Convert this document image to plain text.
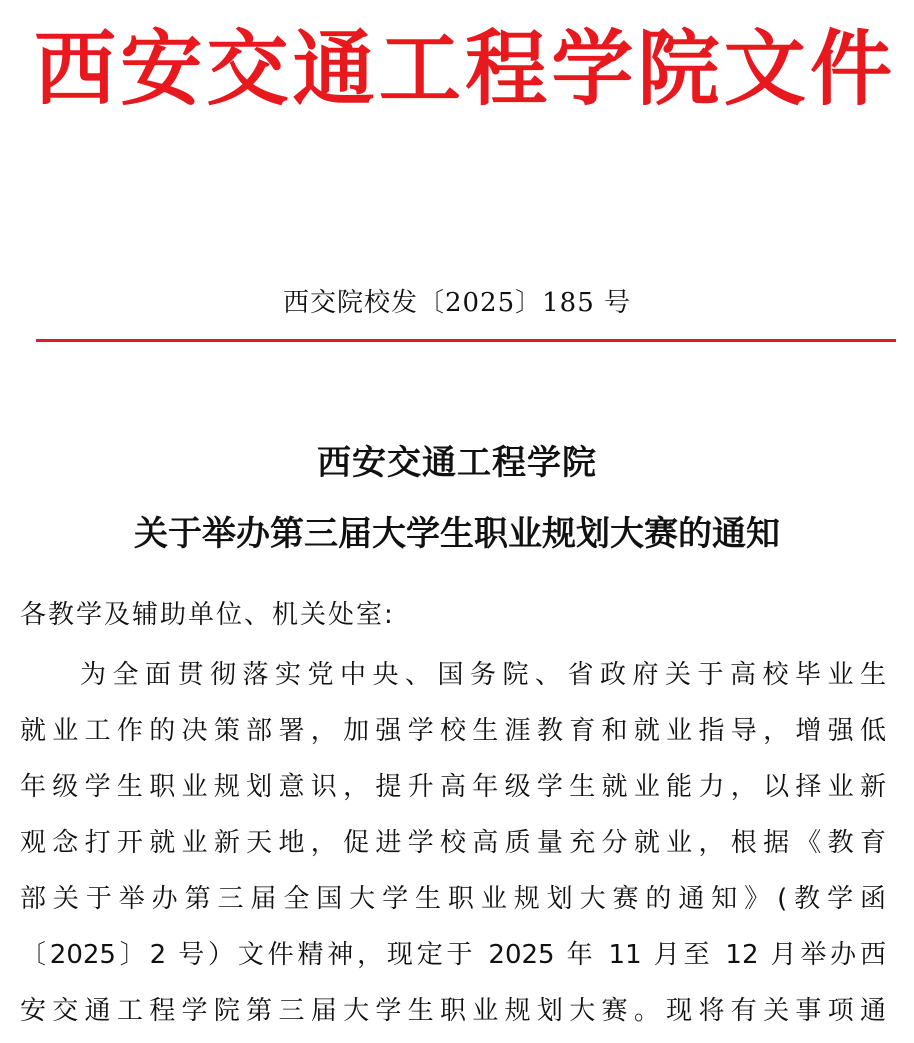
西 安 交 通 工 程 学 院 文 件
西交院校发〔2025〕185 号
西安交通工程学院
关于举办第三届大学生职业规划大赛的通知
各教学及辅助单位、机关处室:
为全面贯彻落实党中央、国务院、省政府关于高校毕业生
就业工作的决策部署，加强学校生涯教育和就业指导，增强低
年级学生职业规划意识，提升高年级学生就业能力，以择业新
观念打开就业新天地，促进学校高质量充分就业，根据《教育
部关于举办第三届全国大学生职业规划大赛的通知》(教学函
〔2025〕2 号）文件精神，现定于 2025 年 11 月至 12 月举办西
安交通工程学院第三届大学生职业规划大赛。现将有关事项通
